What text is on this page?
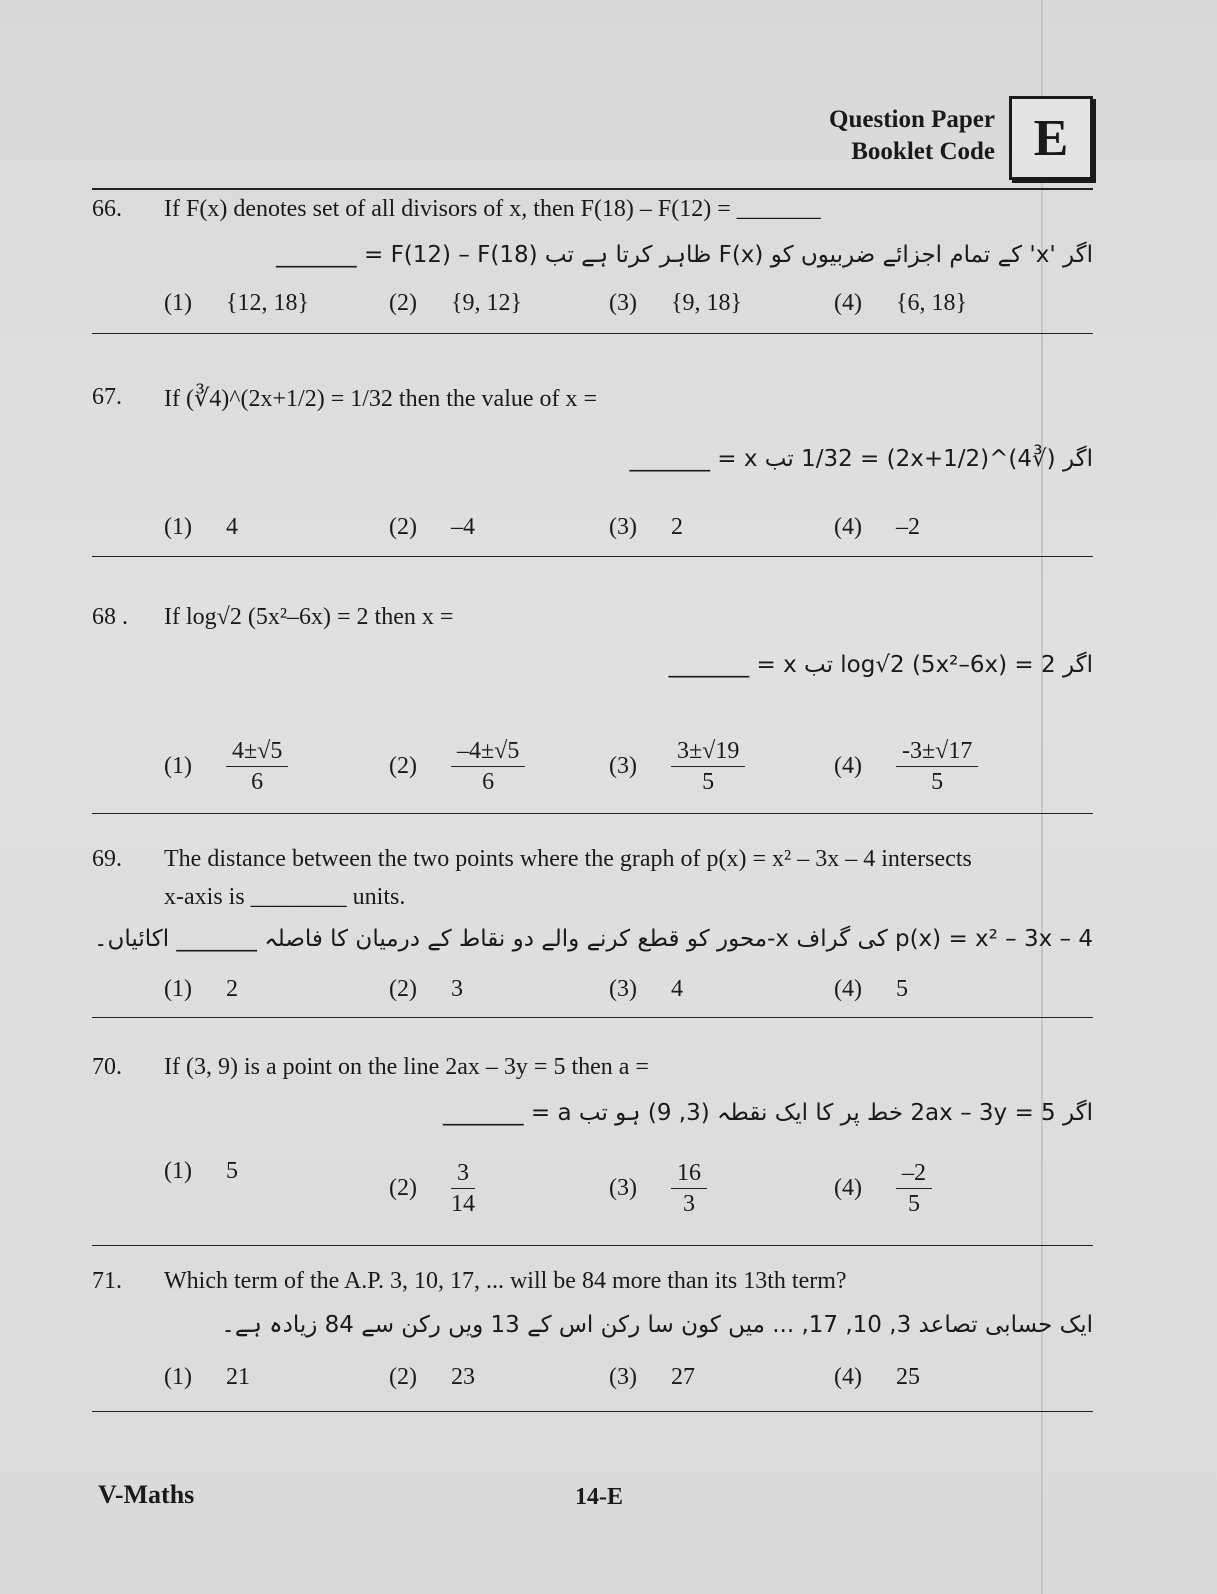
Question Paper
Booklet Code E
66. If F(x) denotes set of all divisors of x, then F(18) – F(12) = _______
اگر 'x' کے تمام اجزائے ضربیوں کو F(x) ظاہر کرتا ہے تب F(12) – F(18) = _______
(1) {12, 18}	(2) {9, 12}	(3) {9, 18}	(4) {6, 18}
67. If (∛4)^(2x+1/2) = 1/32 then the value of x =
اگر (∛4)^(2x+1/2) = 1/32 تب x = _______
(1) 4	(2) –4	(3) 2	(4) –2
68 . If log√2 (5x²–6x) = 2 then x =
اگر log√2 (5x²–6x) = 2 تب x = _______
$(1) \frac{4\pm√5}{6}$	$(2) \frac{-4\pm√5}{6}$	$(3) \frac{3\pm√19}{5}$	$(4) \frac{-3\pm√17}{5}$
69. The distance between the two points where the graph of p(x) = x² – 3x – 4 intersects
x-axis is ________ units.
p(x) = x² – 3x – 4 کی گراف x-محور کو قطع کرنے والے دو نقاط کے درمیان کا فاصلہ _______ اکائیاں۔
(1) 2	(2) 3	(3) 4	(4) 5
70. If (3, 9) is a point on the line 2ax – 3y = 5 then a =
اگر 2ax – 3y = 5 خط پر کا ایک نقطہ (3, 9) ہو تب a = _______
(1) 5
$(2) \frac{3}{14}$	$(3) \frac{16}{3}$	$(4) \frac{-2}{5}$
71. Which term of the A.P. 3, 10, 17, ... will be 84 more than its 13th term?
ایک حسابی تصاعد 3, 10, 17, ... میں کون سا رکن اس کے 13 ویں رکن سے 84 زیادہ ہے۔
(1) 21	(2) 23	(3) 27	(4) 25
V-Maths	14-E
